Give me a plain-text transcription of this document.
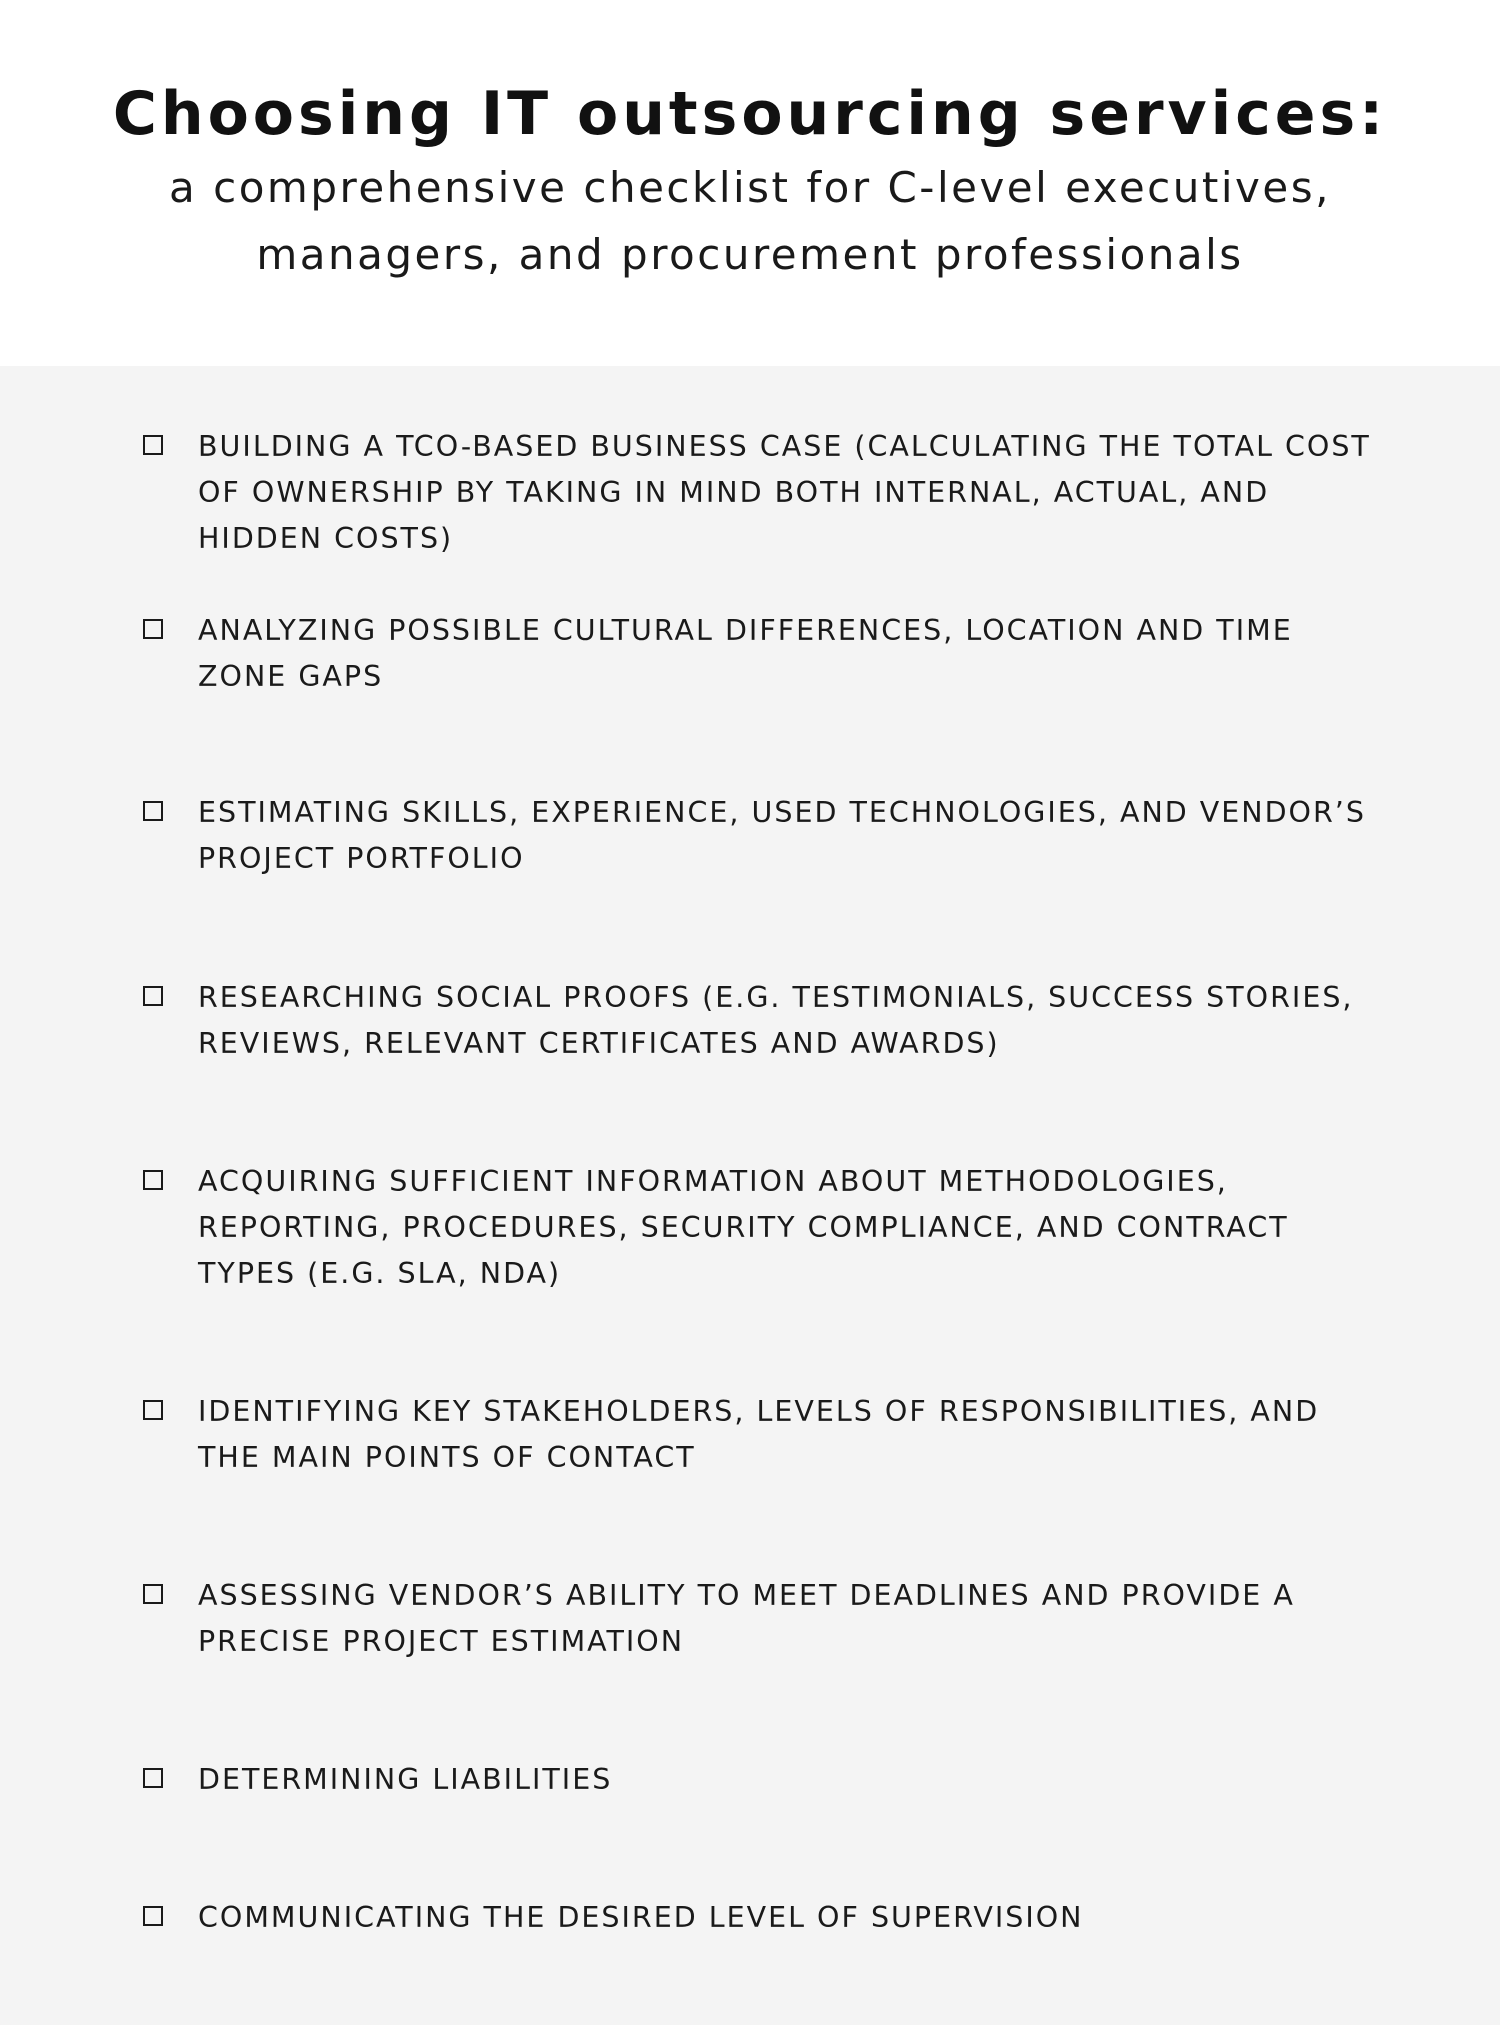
Choosing IT outsourcing services:

a comprehensive checklist for C-level executives,

managers, and procurement professionals

BUILDING A TCO-BASED BUSINESS CASE (CALCULATING THE TOTAL COST OF OWNERSHIP BY TAKING IN MIND BOTH INTERNAL, ACTUAL, AND HIDDEN COSTS)

ANALYZING POSSIBLE CULTURAL DIFFERENCES, LOCATION AND TIME ZONE GAPS

ESTIMATING SKILLS, EXPERIENCE, USED TECHNOLOGIES, AND VENDOR’S PROJECT PORTFOLIO

RESEARCHING SOCIAL PROOFS (E.G. TESTIMONIALS, SUCCESS STORIES, REVIEWS, RELEVANT CERTIFICATES AND AWARDS)

ACQUIRING SUFFICIENT INFORMATION ABOUT METHODOLOGIES, REPORTING, PROCEDURES, SECURITY COMPLIANCE, AND CONTRACT TYPES (E.G. SLA, NDA)

IDENTIFYING KEY STAKEHOLDERS, LEVELS OF RESPONSIBILITIES, AND THE MAIN POINTS OF CONTACT

ASSESSING VENDOR’S ABILITY TO MEET DEADLINES AND PROVIDE A PRECISE PROJECT ESTIMATION

DETERMINING LIABILITIES

COMMUNICATING THE DESIRED LEVEL OF SUPERVISION
